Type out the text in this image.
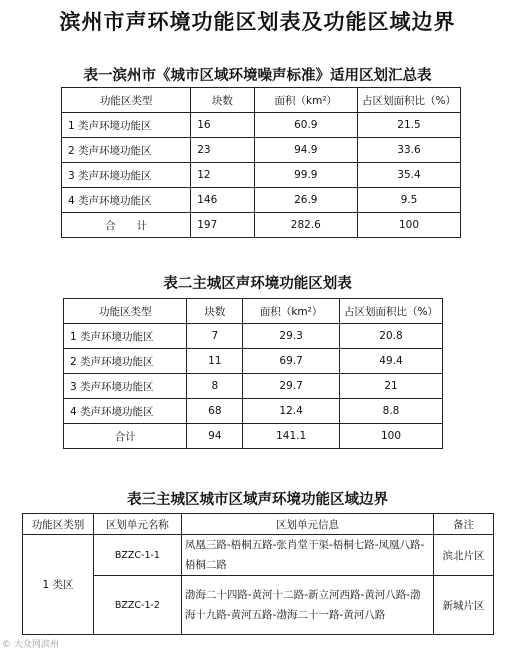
滨州市声环境功能区划表及功能区域边界
表一滨州市《城市区域环境噪声标准》适用区划汇总表
功能区类型	块数	面积（km²）	占区划面积比（%）
1 类声环境功能区	16	60.9	21.5
2 类声环境功能区	23	94.9	33.6
3 类声环境功能区	12	99.9	35.4
4 类声环境功能区	146	26.9	9.5
合　　计	197	282.6	100
表二主城区声环境功能区划表
功能区类型	块数	面积（km²）	占区划面积比（%）
1 类声环境功能区	7	29.3	20.8
2 类声环境功能区	11	69.7	49.4
3 类声环境功能区	8	29.7	21
4 类声环境功能区	68	12.4	8.8
合计	94	141.1	100
表三主城区城市区域声环境功能区域边界
功能区类别	区划单元名称	区划单元信息	备注
1 类区	BZZC-1-1	凤凰三路-梧桐五路-张肖堂干渠-梧桐七路-凤凰八路-梧桐二路	滨北片区
	BZZC-1-2	渤海二十四路-黄河十二路-新立河西路-黄河八路-渤海十九路-黄河五路-渤海二十一路-黄河八路	新城片区
© 大众网滨州
